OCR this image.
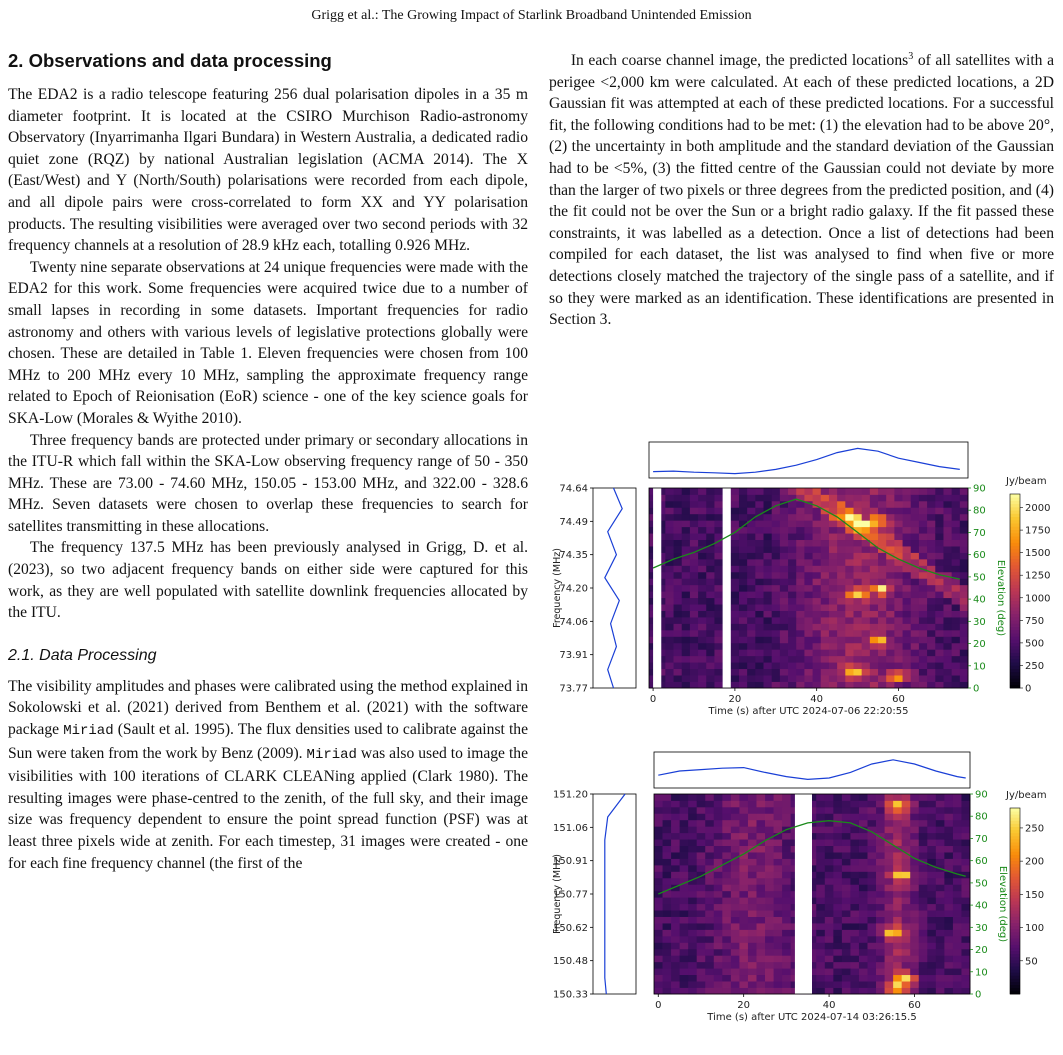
Grigg et al.: The Growing Impact of Starlink Broadband Unintended Emission
2. Observations and data processing

The EDA2 is a radio telescope featuring 256 dual polarisation dipoles in a 35 m diameter footprint. It is located at the CSIRO Murchison Radio-astronomy Observatory (Inyarrimanha Ilgari Bundara) in Western Australia, a dedicated radio quiet zone (RQZ) by national Australian legislation (ACMA 2014). The X (East/West) and Y (North/South) polarisations were recorded from each dipole, and all dipole pairs were cross-correlated to form XX and YY polarisation products. The resulting visibilities were averaged over two second periods with 32 frequency channels at a resolution of 28.9 kHz each, totalling 0.926 MHz.

Twenty nine separate observations at 24 unique frequencies were made with the EDA2 for this work. Some frequencies were acquired twice due to a number of small lapses in recording in some datasets. Important frequencies for radio astronomy and others with various levels of legislative protections globally were chosen. These are detailed in Table 1. Eleven frequencies were chosen from 100 MHz to 200 MHz every 10 MHz, sampling the approximate frequency range related to Epoch of Reionisation (EoR) science - one of the key science goals for SKA-Low (Morales & Wyithe 2010).

Three frequency bands are protected under primary or secondary allocations in the ITU-R which fall within the SKA-Low observing frequency range of 50 - 350 MHz. These are 73.00 - 74.60 MHz, 150.05 - 153.00 MHz, and 322.00 - 328.6 MHz. Seven datasets were chosen to overlap these frequencies to search for satellites transmitting in these allocations.

The frequency 137.5 MHz has been previously analysed in Grigg, D. et al. (2023), so two adjacent frequency bands on either side were captured for this work, as they are well populated with satellite downlink frequencies allocated by the ITU.

2.1. Data Processing

The visibility amplitudes and phases were calibrated using the method explained in Sokolowski et al. (2021) derived from Benthem et al. (2021) with the software package Miriad (Sault et al. 1995). The flux densities used to calibrate against the Sun were taken from the work by Benz (2009). Miriad was also used to image the visibilities with 100 iterations of CLARK CLEANing applied (Clark 1980). The resulting images were phase-centred to the zenith, of the full sky, and their image size was frequency dependent to ensure the point spread function (PSF) was at least three pixels wide at zenith. For each timestep, 31 images were created - one for each fine frequency channel (the first of the

In each coarse channel image, the predicted locations$^3$ of all satellites with a perigee <2,000 km were calculated. At each of these predicted locations, a 2D Gaussian fit was attempted at each of these predicted locations. For a successful fit, the following conditions had to be met: (1) the elevation had to be above 20°, (2) the uncertainty in both amplitude and the standard deviation of the Gaussian had to be <5%, (3) the fitted centre of the Gaussian could not deviate by more than the larger of two pixels or three degrees from the predicted position, and (4) the fit could not be over the Sun or a bright radio galaxy. If the fit passed these constraints, it was labelled as a detection. Once a list of detections had been compiled for each dataset, the list was analysed to find when five or more detections closely matched the trajectory of the single pass of a satellite, and if so they were marked as an identification. These identifications are presented in Section 3.

74.64
74.49
74.35
74.20
74.06
73.91
73.77
Frequency (MHz)
0	20	40	60
Time (s) after UTC 2024-07-06 22:20:55
0
10
20
30
40
50
60
70
80
90
Elevation (deg)
0
250
500
750
1000
1250
1500
1750
2000
Jy/beam
151.20
151.06
150.91
150.77
150.62
150.48
150.33
Frequency (MHz)
0	20	40	60
Time (s) after UTC 2024-07-14 03:26:15.5
0
10
20
30
40
50
60
70
80
90
Elevation (deg)
50
100
150
200
250
Jy/beam
